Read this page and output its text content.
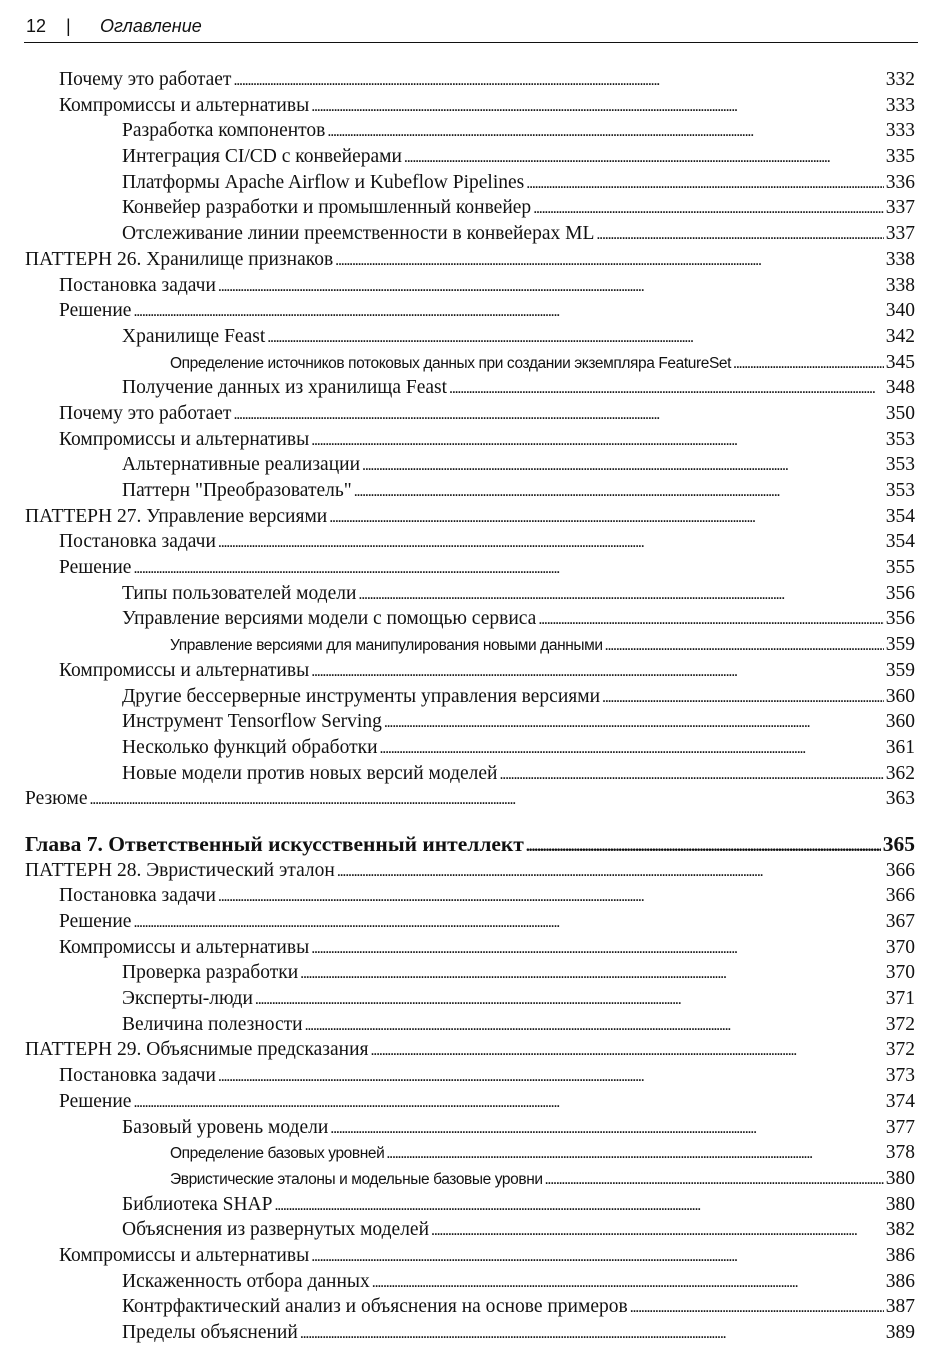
12 | Оглавление
Почему это работает . . .	332
Компромиссы и альтернативы . . .	333
Разработка компонентов . . .	333
Интеграция CI/CD с конвейерами . . .	335
Платформы Apache Airflow и Kubeflow Pipelines . . .	336
Конвейер разработки и промышленный конвейер . . .	337
Отслеживание линии преемственности в конвейерах ML . . .	337
ПАТТЕРН 26. Хранилище признаков . . .	338
Постановка задачи . . .	338
Решение . . .	340
Хранилище Feast . . .	342
Определение источников потоковых данных при создании экземпляра FeatureSet . . .	345
Получение данных из хранилища Feast . . .	348
Почему это работает . . .	350
Компромиссы и альтернативы . . .	353
Альтернативные реализации . . .	353
Паттерн "Преобразователь" . . .	353
ПАТТЕРН 27. Управление версиями . . .	354
Постановка задачи . . .	354
Решение . . .	355
Типы пользователей модели . . .	356
Управление версиями модели с помощью сервиса . . .	356
Управление версиями для манипулирования новыми данными . . .	359
Компромиссы и альтернативы . . .	359
Другие бессерверные инструменты управления версиями . . .	360
Инструмент Tensorflow Serving . . .	360
Несколько функций обработки . . .	361
Новые модели против новых версий моделей . . .	362
Резюме . . .	363
Глава 7. Ответственный искусственный интеллект . . .	365
ПАТТЕРН 28. Эвристический эталон . . .	366
Постановка задачи . . .	366
Решение . . .	367
Компромиссы и альтернативы . . .	370
Проверка разработки . . .	370
Эксперты-люди . . .	371
Величина полезности . . .	372
ПАТТЕРН 29. Объяснимые предсказания . . .	372
Постановка задачи . . .	373
Решение . . .	374
Базовый уровень модели . . .	377
Определение базовых уровней . . .	378
Эвристические эталоны и модельные базовые уровни . . .	380
Библиотека SHAP . . .	380
Объяснения из развернутых моделей . . .	382
Компромиссы и альтернативы . . .	386
Искаженность отбора данных . . .	386
Контрфактический анализ и объяснения на основе примеров . . .	387
Пределы объяснений . . .	389
